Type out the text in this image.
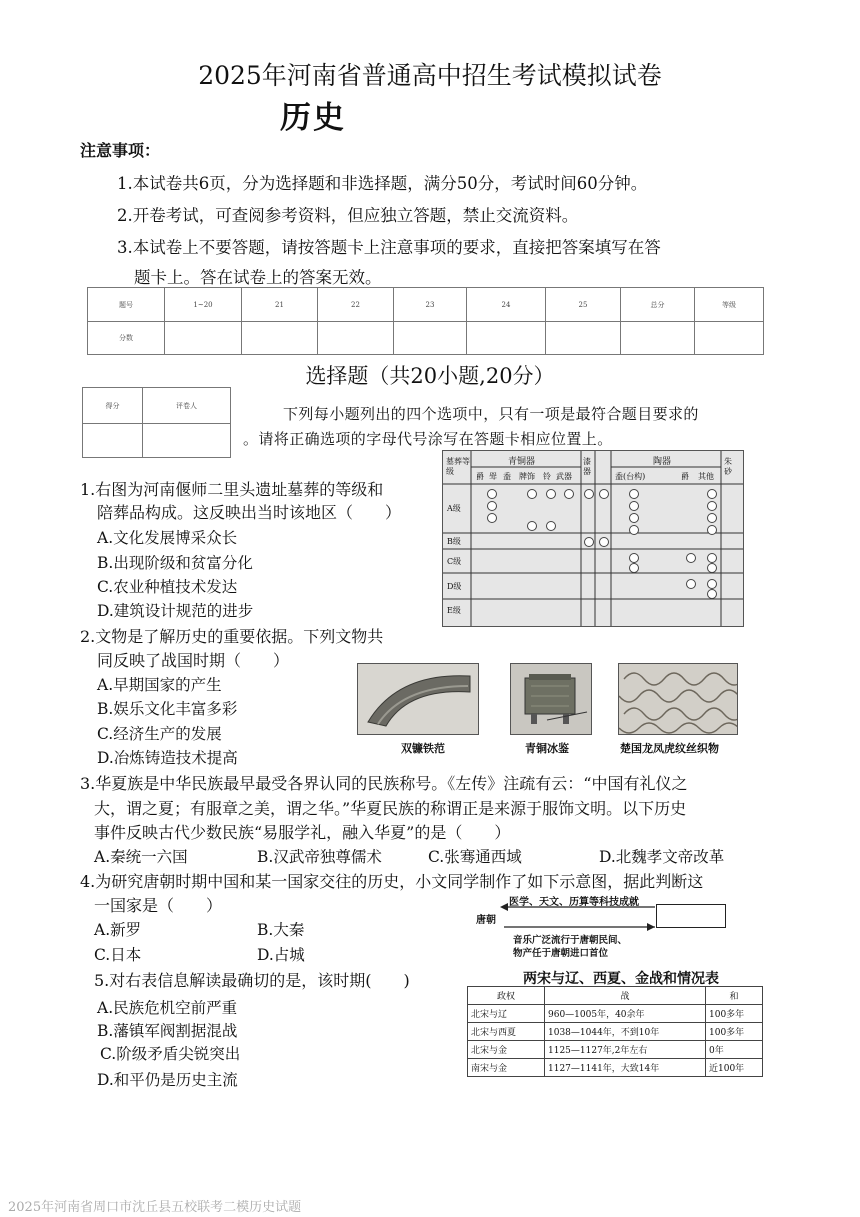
2025年河南省普通高中招生考试模拟试卷
历史
注意事项：
1.本试卷共6页，分为选择题和非选择题，满分50分，考试时间60分钟。
2.开卷考试，可查阅参考资料，但应独立答题，禁止交流资料。
3.本试卷上不要答题，请按答题卡上注意事项的要求，直接把答案填写在答
题卡上。答在试卷上的答案无效。
题号	1~20	21	22	23	24	25	总分	等级
分数								
选择题（共20小题,20分）
得分	评卷人
		下列每小题列出的四个选项中，只有一项是最符合题目要求的
。请将正确选项的字母代号涂写在答题卡相应位置上。
1.右图为河南偃师二里头遗址墓葬的等级和
陪葬品构成。这反映出当时该地区（　　）
A.文化发展博采众长
B.出现阶级和贫富分化
C.农业种植技术发达
D.建筑设计规范的进步
墓葬等级
青铜器	漆器
陶器	朱砂
爵 斝 盉 牌饰 铃 武器	盉(台构)	爵 其他
A级
B级
C级
D级
E级
2.文物是了解历史的重要依据。下列文物共
同反映了战国时期（　　）
A.早期国家的产生
B.娱乐文化丰富多彩
C.经济生产的发展
D.冶炼铸造技术提高
双镰铁范	青铜冰鉴	楚国龙凤虎纹丝织物
3.华夏族是中华民族最早最受各界认同的民族称号。《左传》注疏有云：“中国有礼仪之
大，谓之夏；有服章之美，谓之华。”华夏民族的称谓正是来源于服饰文明。以下历史
事件反映古代少数民族“易服学礼，融入华夏”的是（　　）
A.秦统一六国	B.汉武帝独尊儒术	C.张骞通西域	D.北魏孝文帝改革
4.为研究唐朝时期中国和某一国家交往的历史，小文同学制作了如下示意图，据此判断这
一国家是（　　）
A.新罗	B.大秦
C.日本	D.占城
医学、天文、历算等科技成就
唐朝
音乐广泛流行于唐朝民间、
物产任于唐朝进口首位
5.对右表信息解读最确切的是，该时期(　　)
A.民族危机空前严重
B.藩镇军阀割据混战
C.阶级矛盾尖锐突出
D.和平仍是历史主流
两宋与辽、西夏、金战和情况表
政权	战	和
北宋与辽	960—1005年，40余年	100多年
北宋与西夏	1038—1044年，不到10年	100多年
北宋与金	1125—1127年,2年左右	0年
南宋与金	1127—1141年，大致14年	近100年
2025年河南省周口市沈丘县五校联考二模历史试题
